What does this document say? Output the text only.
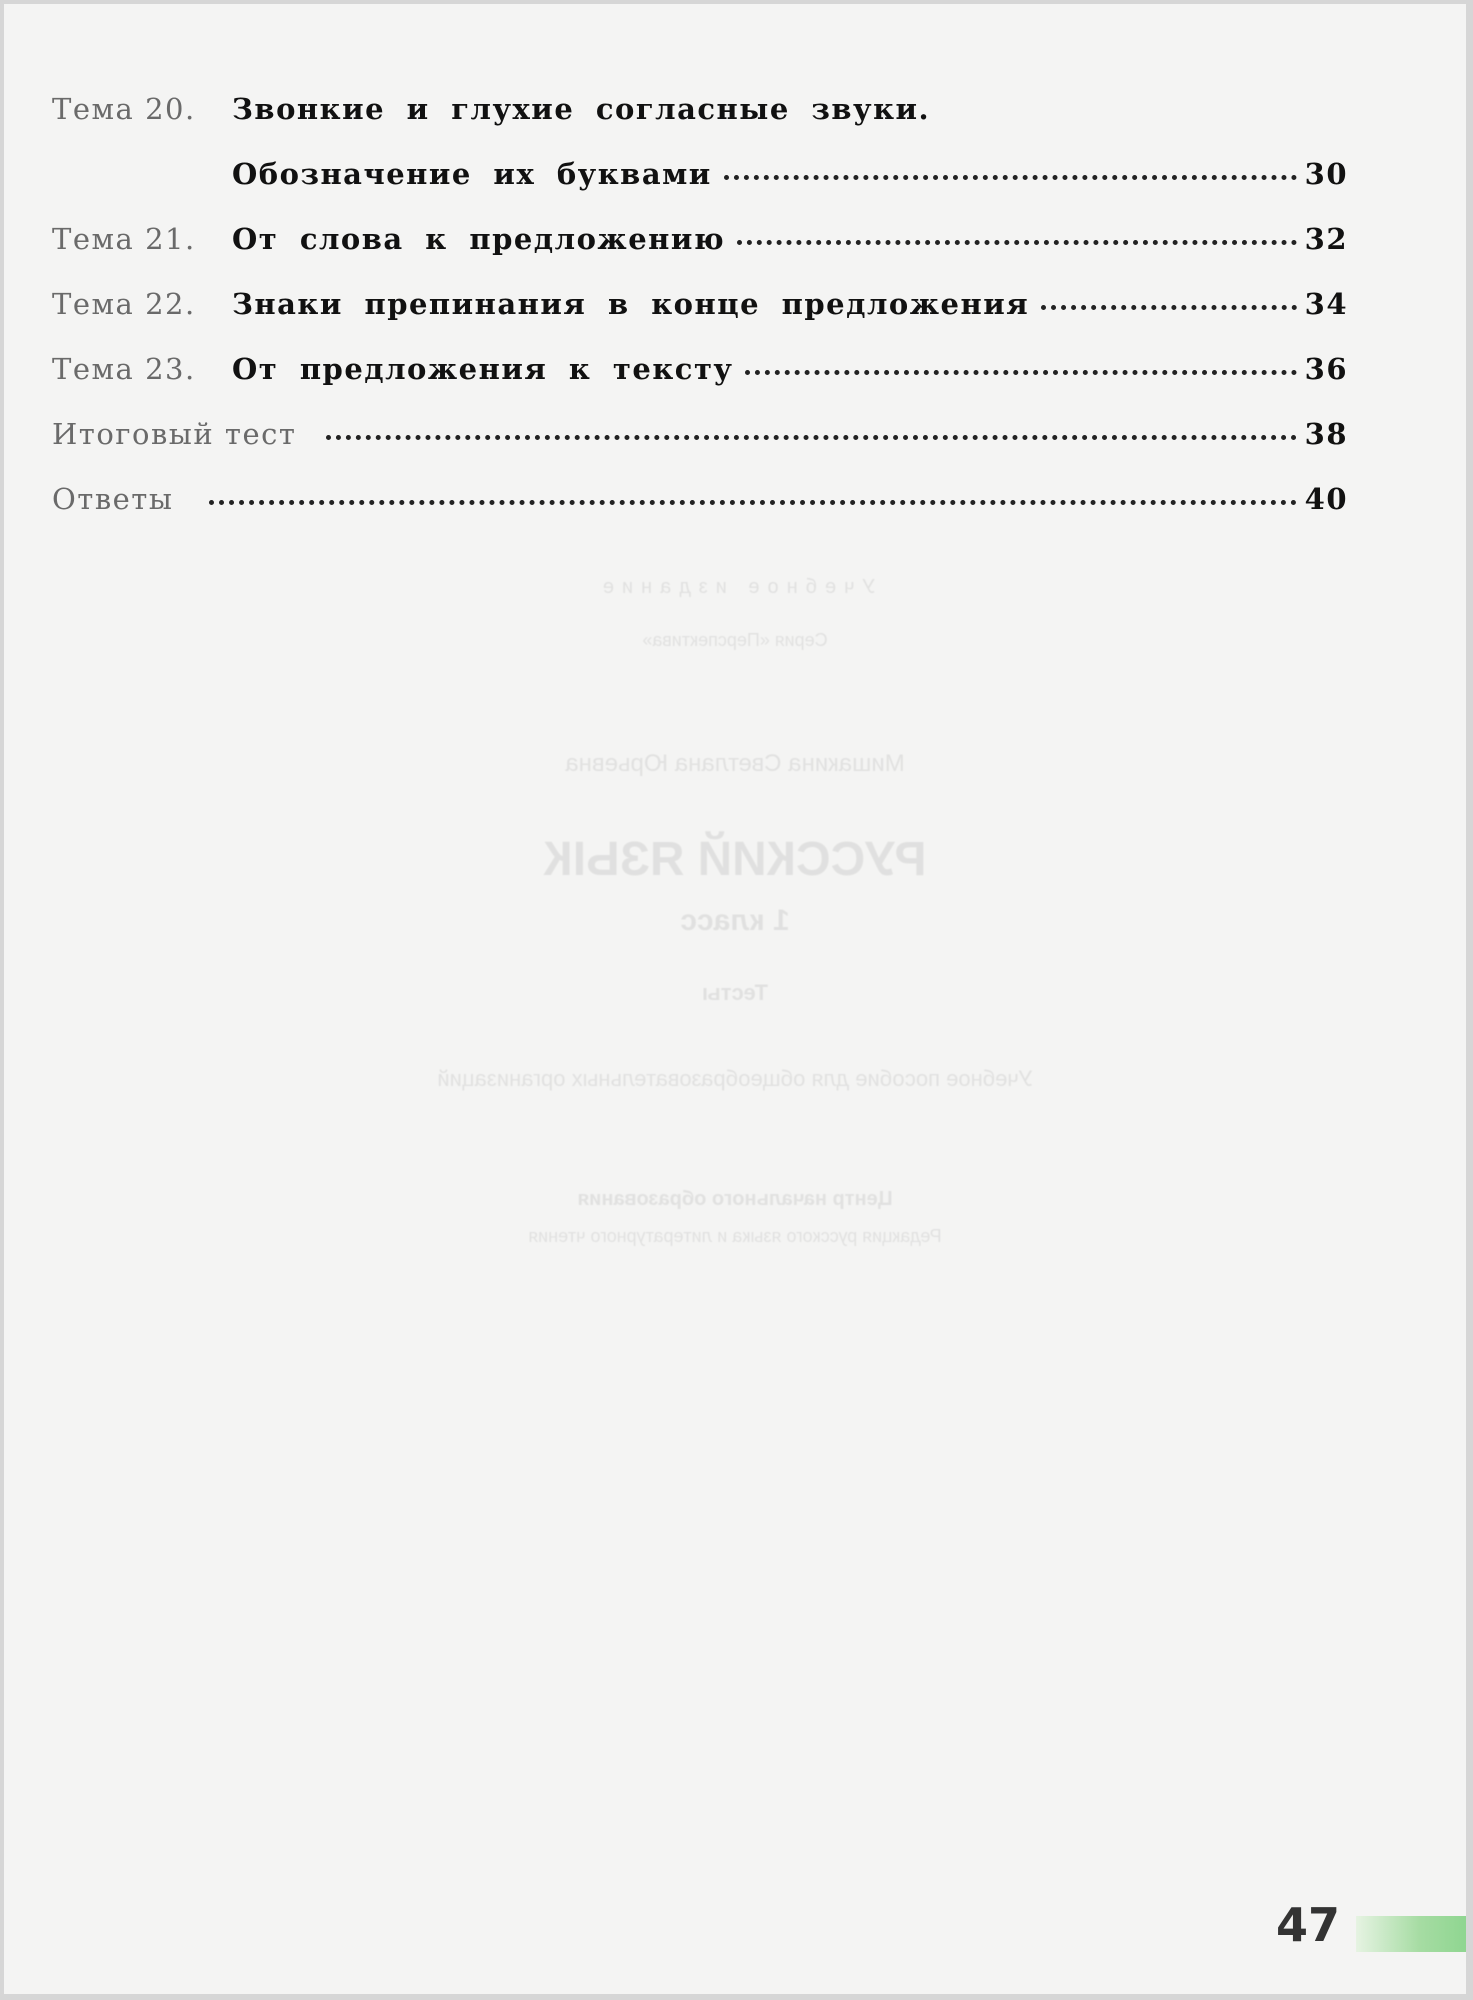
Учебное издание
Серия «Перспектива»
Мишакина Светлана Юрьевна
РУССКИЙ ЯЗЫК
1 класс
Тесты
Учебное пособие для общеобразовательных организаций
Центр начального образования
Редакция русского языка и литературного чтения
Тема 20.	Звонкие и глухие согласные звуки.
Обозначение их буквами	30
Тема 21.	От слова к предложению	32
Тема 22.	Знаки препинания в конце предложения	34
Тема 23.	От предложения к тексту	36
Итоговый тест	38
Ответы	40
47
